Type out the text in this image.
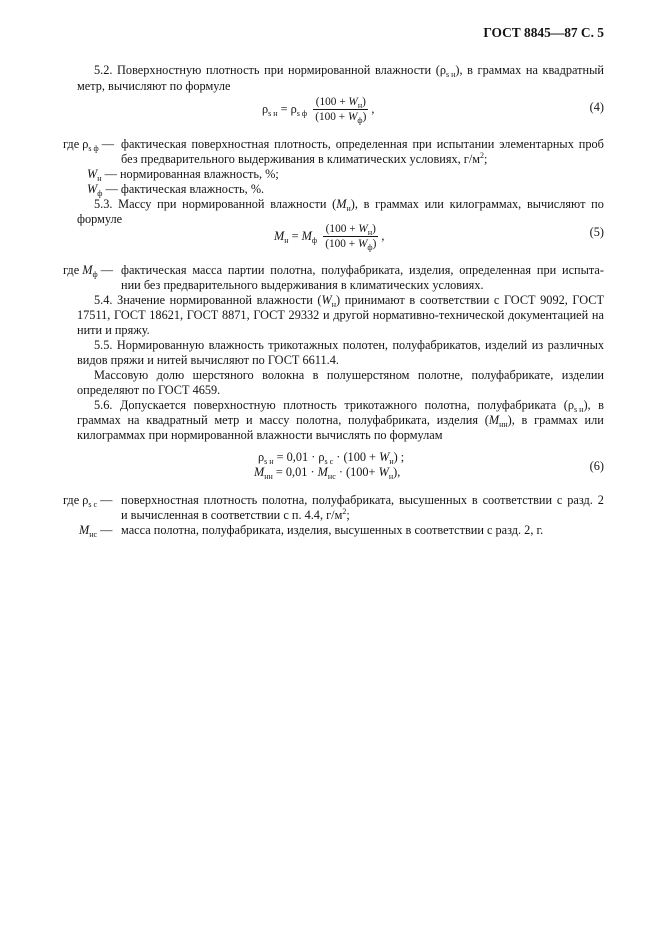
ГОСТ 8845—87 С. 5
5.2. Поверхностную плотность при нормированной влажности $(\rho_{s н})$, в граммах на квадратный
метр, вычисляют по формуле
$\rho_{s н} = \rho_{s ф} \frac{(100 + W_н)}{(100 + W_ф)}$ ,	(4)
где $\rho_{s ф}$ — фактическая поверхностная плотность, определенная при испытании элементарных проб
без предварительного выдерживания в климатических условиях, $г/м^2$;
$W_н$ — нормированная влажность, %;
$W_ф$ — фактическая влажность, %.
5.3. Массу при нормированной влажности $(M_н)$, в граммах или килограммах, вычисляют по
формуле
$M_н = M_ф \frac{(100 + W_н)}{(100 + W_ф)}$ ,	(5)
где $M_ф$ — фактическая масса партии полотна, полуфабриката, изделия, определенная при испыта-
нии без предварительного выдерживания в климатических условиях.
5.4. Значение нормированной влажности $(W_н)$ принимают в соответствии с ГОСТ 9092, ГОСТ
17511, ГОСТ 18621, ГОСТ 8871, ГОСТ 29332 и другой нормативно-технической документацией на
нити и пряжу.
5.5. Нормированную влажность трикотажных полотен, полуфабрикатов, изделий из различных
видов пряжи и нитей вычисляют по ГОСТ 6611.4.
Массовую долю шерстяного волокна в полушерстяном полотне, полуфабрикате, изделии
определяют по ГОСТ 4659.
5.6. Допускается поверхностную плотность трикотажного полотна, полуфабриката $(\rho_{s н})$, в
граммах на квадратный метр и массу полотна, полуфабриката, изделия $(M_{нн})$, в граммах или
килограммах при нормированной влажности вычислять по формулам
$\rho_{s н} = 0,01 \cdot \rho_{s с} \cdot (100 + W_н)$ ;
$M_{нн} = 0,01 \cdot M_{нс} \cdot (100+ W_н)$,	(6)
где $\rho_{s с}$ — поверхностная плотность полотна, полуфабриката, высушенных в соответствии с разд. 2
и вычисленная в соответствии с п. 4.4, $г/м^2$;
$M_{нс}$ — масса полотна, полуфабриката, изделия, высушенных в соответствии с разд. 2, г.
